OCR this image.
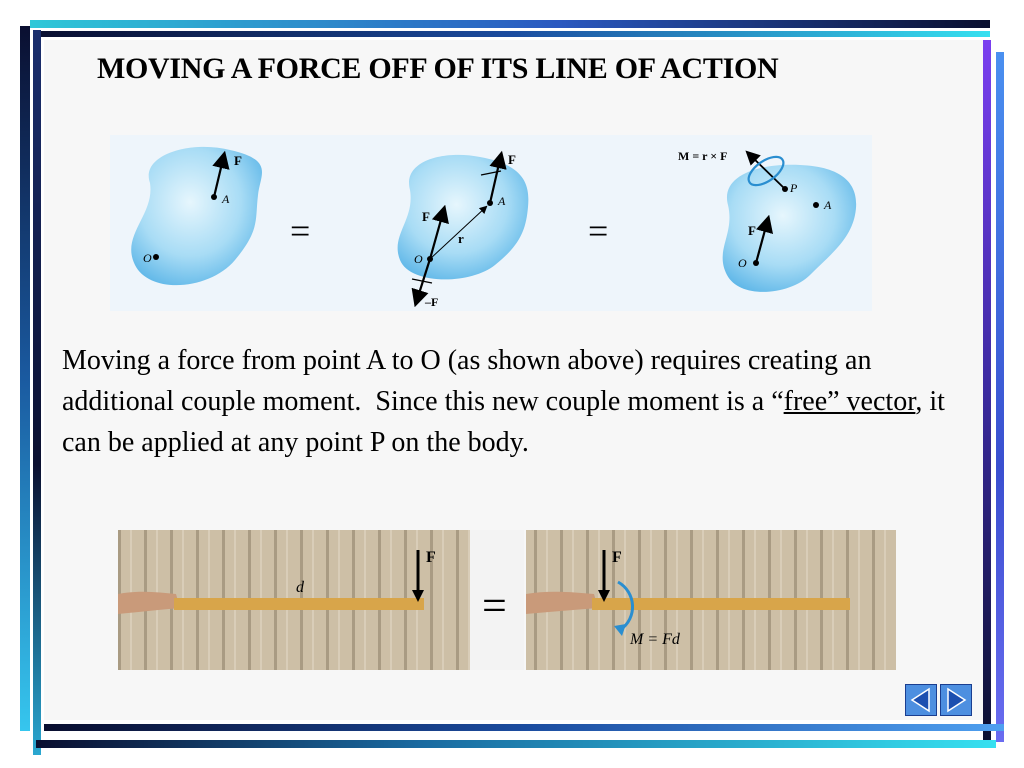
MOVING A FORCE OFF OF ITS LINE OF ACTION
F
A
O
=
F
A
O
r
F
–F
=
P
M = r × F
A
O
F
Moving a force from point A to O (as shown above) requires creating an additional couple moment.  Since this new couple moment is a “free” vector, it can be applied at any point P on the body.
F
d	=
F
M = Fd
